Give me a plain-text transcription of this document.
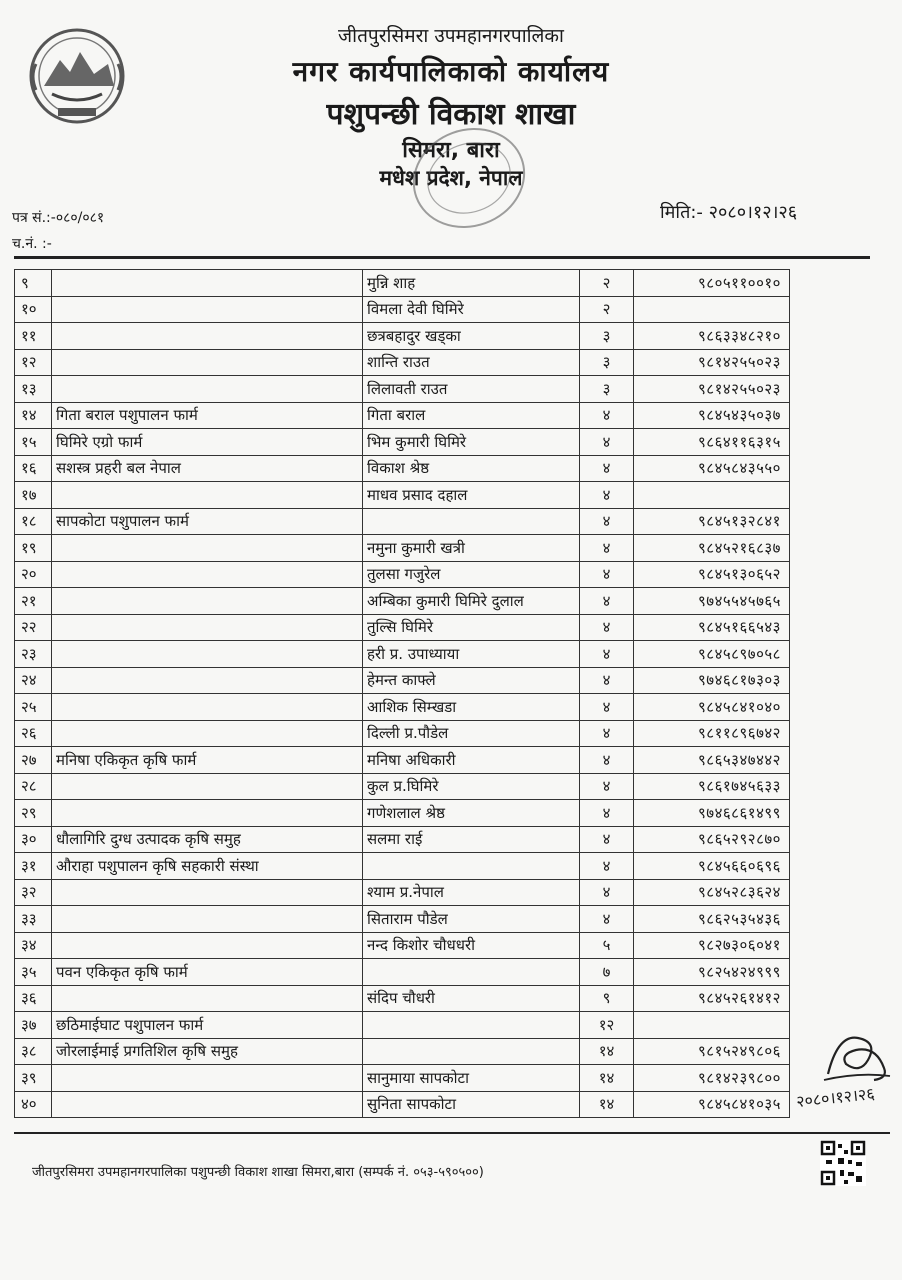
जीतपुरसिमरा उपमहानगरपालिका
नगर कार्यपालिकाको कार्यालय
पशुपन्छी विकाश शाखा
सिमरा, बारा
मधेश प्रदेश, नेपाल
पत्र सं.:-०८०/०८१
च.नं. :-
मिति:- २०८०।१२।२६
९		मुन्नि शाह	२	९८०५११००१०
१०		विमला देवी घिमिरे	२	
११		छत्रबहादुर खड्का	३	९८६३३४८२१०
१२		शान्ति राउत	३	९८१४२५५०२३
१३		लिलावती राउत	३	९८१४२५५०२३
१४	गिता बराल पशुपालन फार्म	गिता बराल	४	९८४५४३५०३७
१५	घिमिरे एग्रो फार्म	भिम कुमारी घिमिरे	४	९८६४११६३१५
१६	सशस्त्र प्रहरी बल नेपाल	विकाश श्रेष्ठ	४	९८४५८४३५५०
१७		माधव प्रसाद दहाल	४	
१८	सापकोटा पशुपालन फार्म		४	९८४५१३२८४१
१९		नमुना कुमारी खत्री	४	९८४५२१६८३७
२०		तुलसा गजुरेल	४	९८४५१३०६५२
२१		अम्बिका कुमारी घिमिरे दुलाल	४	९७४५५४५७६५
२२		तुल्सि घिमिरे	४	९८४५१६६५४३
२३		हरी प्र. उपाध्याया	४	९८४५८९७०५८
२४		हेमन्त काफ्ले	४	९७४६८१७३०३
२५		आशिक सिम्खडा	४	९८४५८४१०४०
२६		दिल्ली प्र.पौडेल	४	९८११८९६७४२
२७	मनिषा एकिकृत कृषि फार्म	मनिषा अधिकारी	४	९८६५३४७४४२
२८		कुल प्र.घिमिरे	४	९८६१७४५६३३
२९		गणेशलाल श्रेष्ठ	४	९७४६८६१४९९
३०	धौलागिरि दुग्ध उत्पादक कृषि समुह	सलमा राई	४	९८६५२९२८७०
३१	औराहा पशुपालन कृषि सहकारी संस्था		४	९८४५६६०६९६
३२		श्याम प्र.नेपाल	४	९८४५२८३६२४
३३		सिताराम पौडेल	४	९८६२५३५४३६
३४		नन्द किशोर चौधधरी	५	९८२७३०६०४१
३५	पवन एकिकृत कृषि फार्म		७	९८२५४२४९९९
३६		संदिप चौधरी	९	९८४५२६१४१२
३७	छठिमाईघाट पशुपालन फार्म		१२	
३८	जोरलाईमाई प्रगतिशिल कृषि समुह		१४	९८१५२४९८०६
३९		सानुमाया सापकोटा	१४	९८१४२३९८००
४०		सुनिता सापकोटा	१४	९८४५८४१०३५ २०८०।१२।२६
जीतपुरसिमरा उपमहानगरपालिका पशुपन्छी विकाश शाखा सिमरा,बारा (सम्पर्क नं. ०५३-५९०५००)
